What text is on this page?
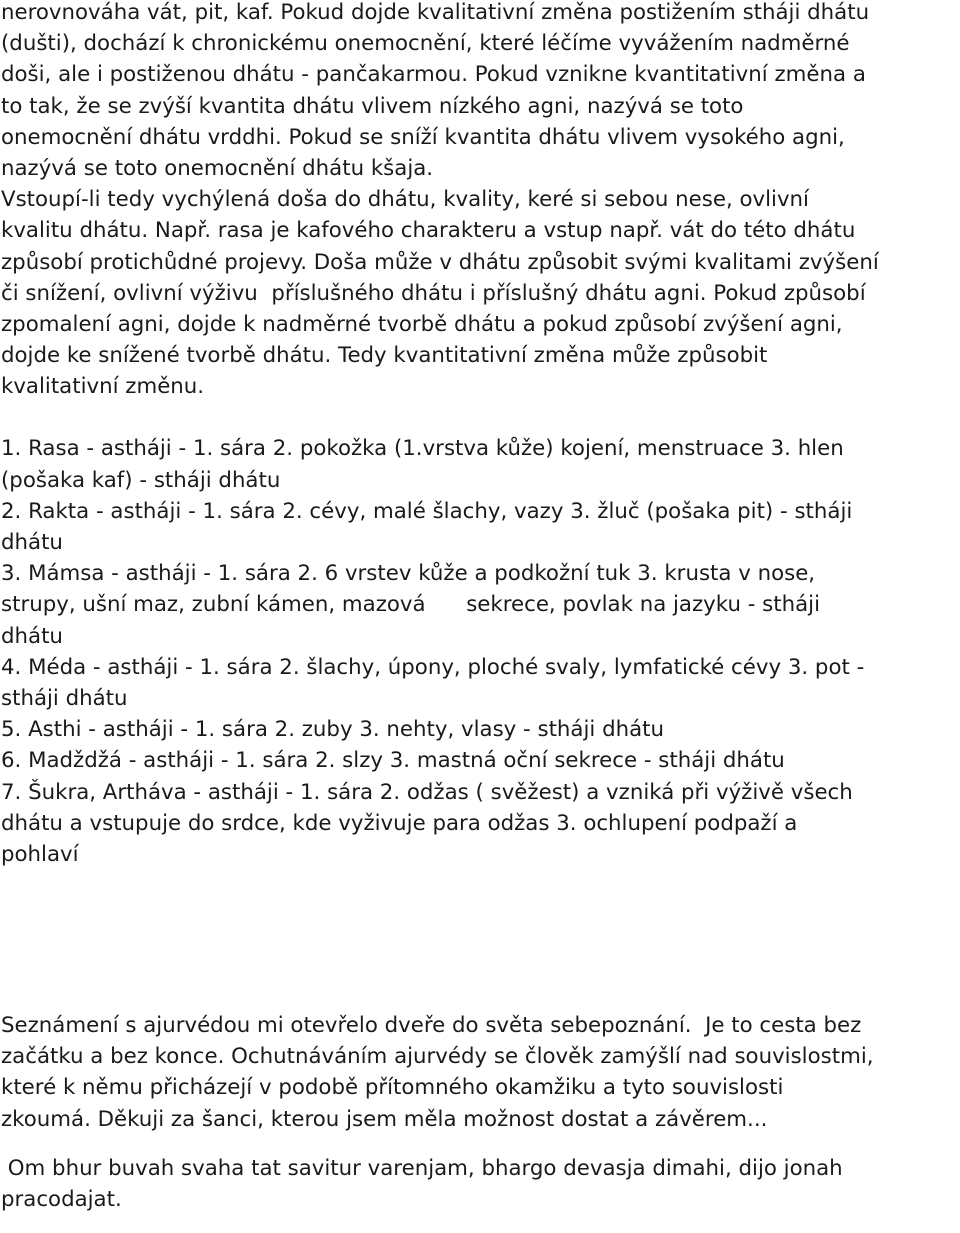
nerovnováha vát, pit, kaf. Pokud dojde kvalitativní změna postižením stháji dhátu
(dušti), dochází k chronickému onemocnění, které léčíme vyvážením nadměrné
doši, ale i postiženou dhátu - pančakarmou. Pokud vznikne kvantitativní změna a
to tak, že se zvýší kvantita dhátu vlivem nízkého agni, nazývá se toto
onemocnění dhátu vrddhi. Pokud se sníží kvantita dhátu vlivem vysokého agni,
nazývá se toto onemocnění dhátu kšaja.
Vstoupí-li tedy vychýlená doša do dhátu, kvality, keré si sebou nese, ovlivní
kvalitu dhátu. Např. rasa je kafového charakteru a vstup např. vát do této dhátu
způsobí protichůdné projevy. Doša může v dhátu způsobit svými kvalitami zvýšení
či snížení, ovlivní výživu  příslušného dhátu i příslušný dhátu agni. Pokud způsobí
zpomalení agni, dojde k nadměrné tvorbě dhátu a pokud způsobí zvýšení agni,
dojde ke snížené tvorbě dhátu. Tedy kvantitativní změna může způsobit
kvalitativní změnu.
1. Rasa - astháji - 1. sára 2. pokožka (1.vrstva kůže) kojení, menstruace 3. hlen
(pošaka kaf) - stháji dhátu
2. Rakta - astháji - 1. sára 2. cévy, malé šlachy, vazy 3. žluč (pošaka pit) - stháji
dhátu
3. Mámsa - astháji - 1. sára 2. 6 vrstev kůže a podkožní tuk 3. krusta v nose,
strupy, ušní maz, zubní kámen, mazová      sekrece, povlak na jazyku - stháji
dhátu
4. Méda - astháji - 1. sára 2. šlachy, úpony, ploché svaly, lymfatické cévy 3. pot -
stháji dhátu
5. Asthi - astháji - 1. sára 2. zuby 3. nehty, vlasy - stháji dhátu
6. Madždžá - astháji - 1. sára 2. slzy 3. mastná oční sekrece - stháji dhátu
7. Šukra, Artháva - astháji - 1. sára 2. odžas ( svěžest) a vzniká při výživě všech
dhátu a vstupuje do srdce, kde vyživuje para odžas 3. ochlupení podpaží a
pohlaví
Seznámení s ajurvédou mi otevřelo dveře do světa sebepoznání.  Je to cesta bez
začátku a bez konce. Ochutnáváním ajurvédy se člověk zamýšlí nad souvislostmi,
které k němu přicházejí v podobě přítomného okamžiku a tyto souvislosti
zkoumá. Děkuji za šanci, kterou jsem měla možnost dostat a závěrem...
Om bhur buvah svaha tat savitur varenjam, bhargo devasja dimahi, dijo jonah
pracodajat.
